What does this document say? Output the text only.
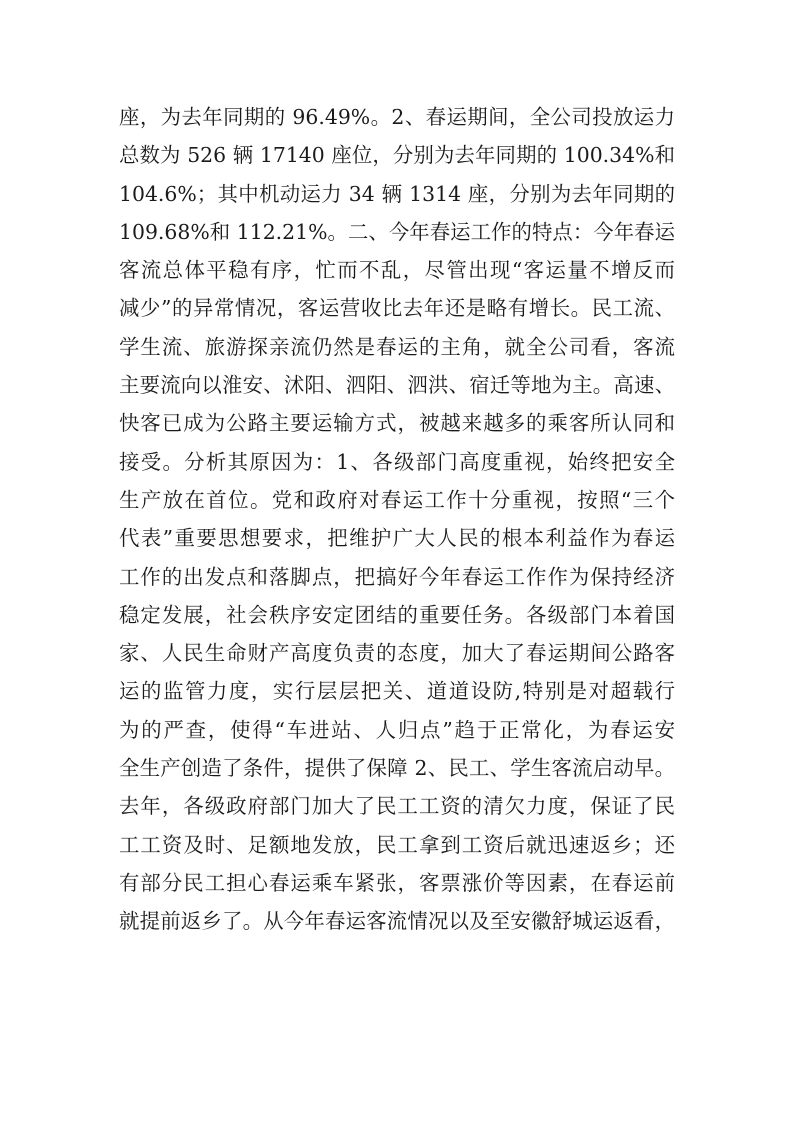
座，为去年同期的 96.49%。2、春运期间，全公司投放运力
总数为 526 辆 17140 座位，分别为去年同期的 100.34%和
104.6%；其中机动运力 34 辆 1314 座，分别为去年同期的
109.68%和 112.21%。二、今年春运工作的特点：今年春运
客流总体平稳有序，忙而不乱，尽管出现“客运量不增反而
减少”的异常情况，客运营收比去年还是略有增长。民工流、
学生流、旅游探亲流仍然是春运的主角，就全公司看，客流
主要流向以淮安、沭阳、泗阳、泗洪、宿迁等地为主。高速、
快客已成为公路主要运输方式，被越来越多的乘客所认同和
接受。分析其原因为：1、各级部门高度重视，始终把安全
生产放在首位。党和政府对春运工作十分重视，按照“三个
代表”重要思想要求，把维护广大人民的根本利益作为春运
工作的出发点和落脚点，把搞好今年春运工作作为保持经济
稳定发展，社会秩序安定团结的重要任务。各级部门本着国
家、人民生命财产高度负责的态度，加大了春运期间公路客
运的监管力度，实行层层把关、道道设防,特别是对超载行
为的严查，使得“车进站、人归点”趋于正常化，为春运安
全生产创造了条件，提供了保障 2、民工、学生客流启动早。
去年，各级政府部门加大了民工工资的清欠力度，保证了民
工工资及时、足额地发放，民工拿到工资后就迅速返乡；还
有部分民工担心春运乘车紧张，客票涨价等因素，在春运前
就提前返乡了。从今年春运客流情况以及至安徽舒城运返看，
